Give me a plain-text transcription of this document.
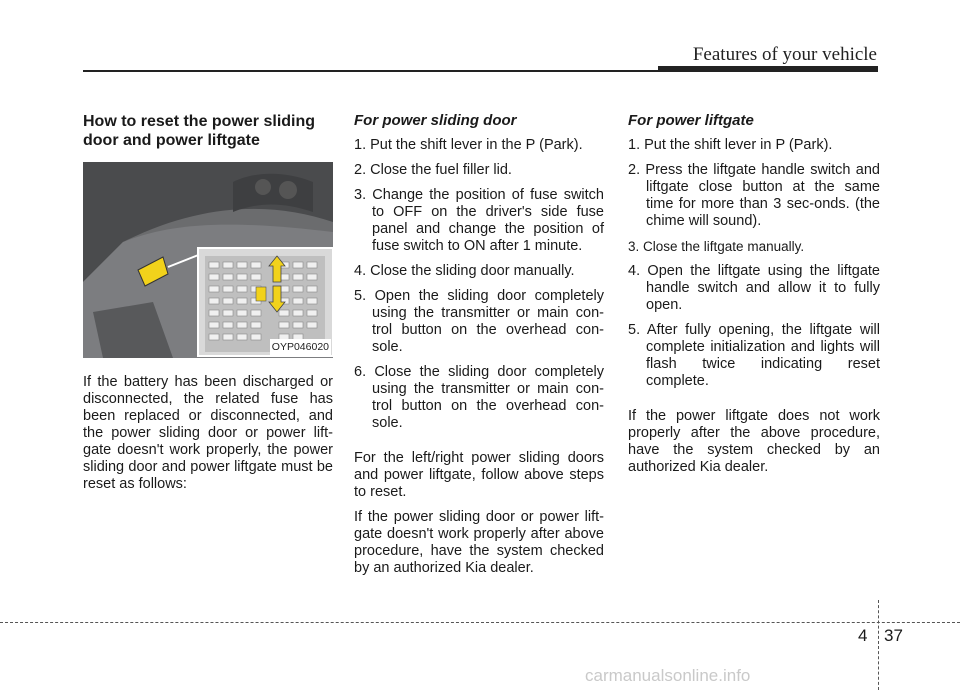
Features of your vehicle
How to reset the power sliding door and power liftgate
OYP046020

If the battery has been discharged or disconnected, the related fuse has been replaced or disconnected, and the power sliding door or power lift-gate doesn't work properly, the power sliding door and power liftgate must be reset as follows:

For power sliding door
1. Put the shift lever in the P (Park).
2. Close the fuel filler lid.
3. Change the position of fuse switch to OFF on the driver's side fuse panel and change the position of fuse switch to ON after 1 minute.
4. Close the sliding door manually.
5. Open the sliding door completely using the transmitter or main con-trol button on the overhead con-sole.
6. Close the sliding door completely using the transmitter or main con-trol button on the overhead con-sole.

For the left/right power sliding doors and power liftgate, follow above steps to reset.

If the power sliding door or power lift-gate doesn't work properly after above procedure, have the system checked by an authorized Kia dealer.

For power liftgate
1. Put the shift lever in P (Park).
2. Press the liftgate handle switch and liftgate close button at the same time for more than 3 sec-onds. (the chime will sound).
3. Close the liftgate manually.
4. Open the liftgate using the liftgate handle switch and allow it to fully open.
5. After fully opening, the liftgate will complete initialization and lights will flash twice indicating reset complete.

If the power liftgate does not work properly after the above procedure, have the system checked by an authorized Kia dealer.

4 37
carmanualsonline.info
